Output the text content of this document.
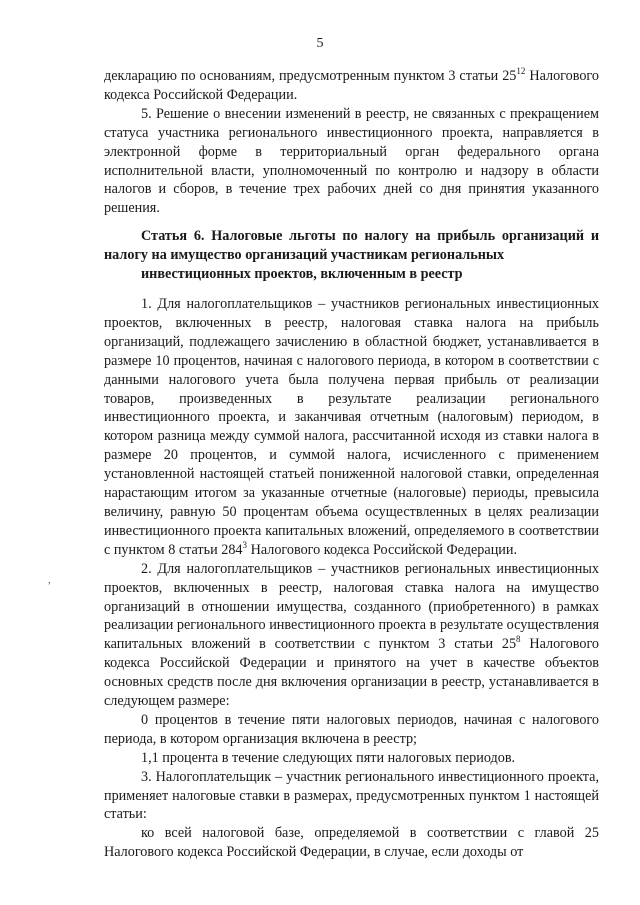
5

декларацию по основаниям, предусмотренным пунктом 3 статьи $25^{12}$ Налогового кодекса Российской Федерации.

5. Решение о внесении изменений в реестр, не связанных с прекращением статуса участника регионального инвестиционного проекта, направляется в электронной форме в территориальный орган федерального органа исполнительной власти, уполномоченный по контролю и надзору в области налогов и сборов, в течение трех рабочих дней со дня принятия указанного решения.

Статья 6. Налоговые льготы по налогу на прибыль организаций и налогу на имущество организаций участникам региональных
инвестиционных проектов, включенным в реестр

1. Для налогоплательщиков – участников региональных инвестиционных проектов, включенных в реестр, налоговая ставка налога на прибыль организаций, подлежащего зачислению в областной бюджет, устанавливается в размере 10 процентов, начиная с налогового периода, в котором в соответствии с данными налогового учета была получена первая прибыль от реализации товаров, произведенных в результате реализации регионального инвестиционного проекта, и заканчивая отчетным (налоговым) периодом, в котором разница между суммой налога, рассчитанной исходя из ставки налога в размере 20 процентов, и суммой налога, исчисленного с применением установленной настоящей статьей пониженной налоговой ставки, определенная нарастающим итогом за указанные отчетные (налоговые) периоды, превысила величину, равную 50 процентам объема осуществленных в целях реализации инвестиционного проекта капитальных вложений, определяемого в соответствии с пунктом 8 статьи $284^3$ Налогового кодекса Российской Федерации.

2. Для налогоплательщиков – участников региональных инвестиционных проектов, включенных в реестр, налоговая ставка налога на имущество организаций в отношении имущества, созданного (приобретенного) в рамках реализации регионального инвестиционного проекта в результате осуществления капитальных вложений в соответствии с пунктом 3 статьи $25^8$ Налогового кодекса Российской Федерации и принятого на учет в качестве объектов основных средств после дня включения организации в реестр, устанавливается в следующем размере:

0 процентов в течение пяти налоговых периодов, начиная с налогового периода, в котором организация включена в реестр;

1,1 процента в течение следующих пяти налоговых периодов.

3. Налогоплательщик – участник регионального инвестиционного проекта, применяет налоговые ставки в размерах, предусмотренных пунктом 1 настоящей статьи:

ко всей налоговой базе, определяемой в соответствии с главой 25 Налогового кодекса Российской Федерации, в случае, если доходы от

,
